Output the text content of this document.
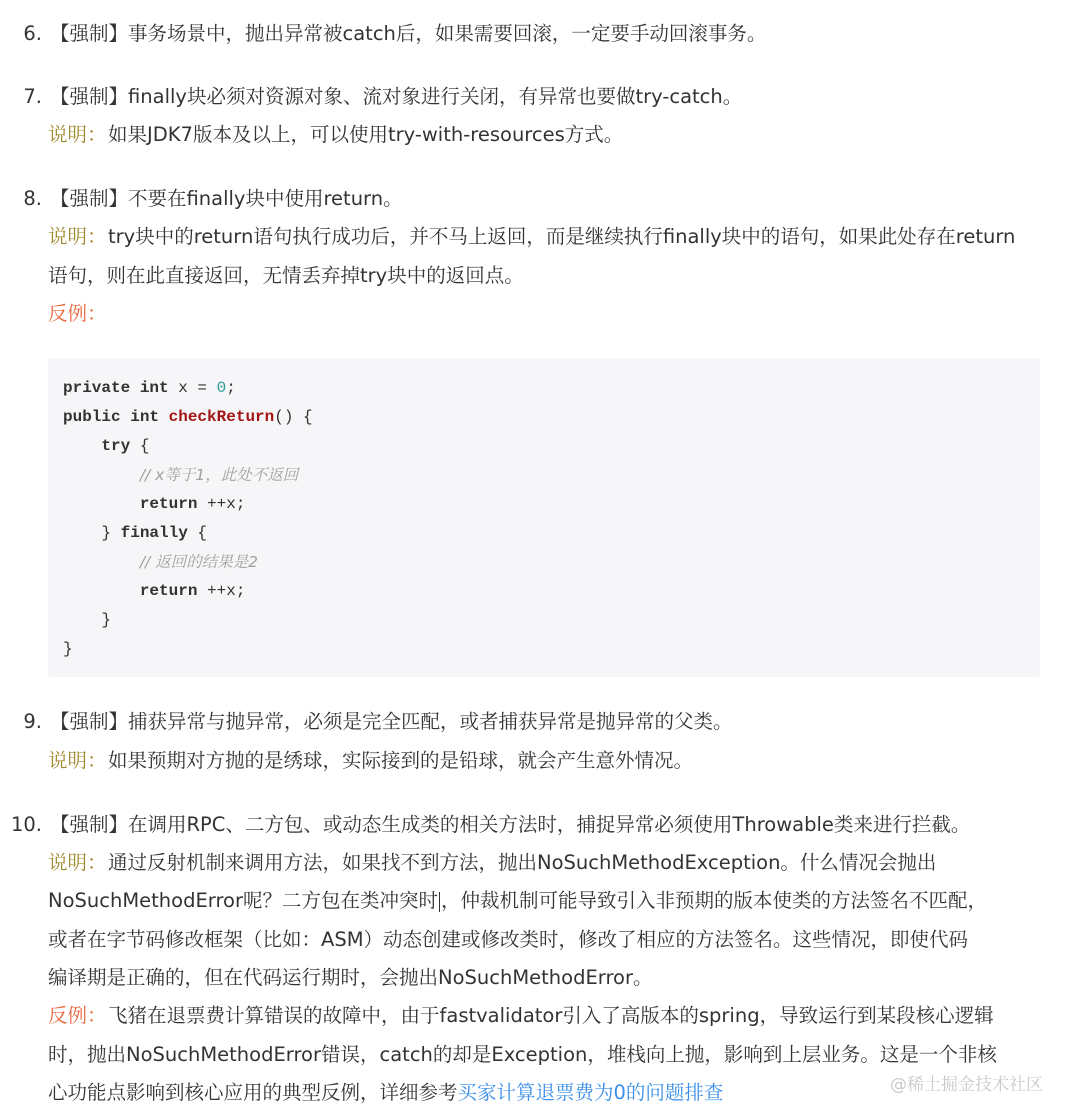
6. 【强制】事务场景中，抛出异常被catch后，如果需要回滚，一定要手动回滚事务。
7. 【强制】finally块必须对资源对象、流对象进行关闭，有异常也要做try-catch。
说明： 如果JDK7版本及以上，可以使用try-with-resources方式。
8. 【强制】不要在finally块中使用return。
说明： try块中的return语句执行成功后，并不马上返回，而是继续执行finally块中的语句，如果此处存在return
语句，则在此直接返回，无情丢弃掉try块中的返回点。
反例：
private int x = 0;
public int checkReturn() {
try {
// x等于1，此处不返回
return ++x;
} finally {
// 返回的结果是2
return ++x;
}
}
9. 【强制】捕获异常与抛异常，必须是完全匹配，或者捕获异常是抛异常的父类。
说明： 如果预期对方抛的是绣球，实际接到的是铅球，就会产生意外情况。
10. 【强制】在调用RPC、二方包、或动态生成类的相关方法时，捕捉异常必须使用Throwable类来进行拦截。
说明： 通过反射机制来调用方法，如果找不到方法，抛出NoSuchMethodException。什么情况会抛出
NoSuchMethodError呢？二方包在类冲突时 ，仲裁机制可能导致引入非预期的版本使类的方法签名不匹配，
或者在字节码修改框架（比如：ASM）动态创建或修改类时，修改了相应的方法签名。这些情况，即使代码
编译期是正确的，但在代码运行期时，会抛出NoSuchMethodError。
反例： 飞猪在退票费计算错误的故障中，由于fastvalidator引入了高版本的spring，导致运行到某段核心逻辑
时，抛出NoSuchMethodError错误，catch的却是Exception，堆栈向上抛，影响到上层业务。这是一个非核
心功能点影响到核心应用的典型反例，详细参考买家计算退票费为0的问题排查	@稀土掘金技术社区
